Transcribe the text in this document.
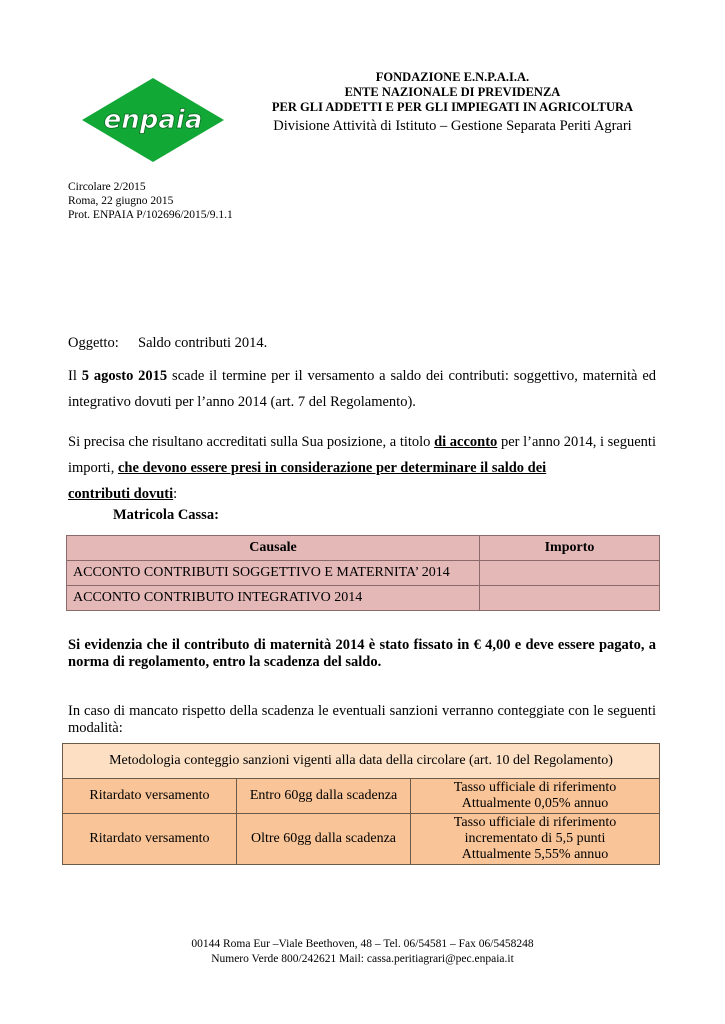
enpaia
FONDAZIONE E.N.P.A.I.A.
ENTE NAZIONALE DI PREVIDENZA
PER GLI ADDETTI E PER GLI IMPIEGATI IN AGRICOLTURA
Divisione Attività di Istituto – Gestione Separata Periti Agrari
Circolare 2/2015
Roma, 22 giugno 2015
Prot. ENPAIA P/102696/2015/9.1.1
Oggetto: Saldo contributi 2014.
Il 5 agosto 2015 scade il termine per il versamento a saldo dei contributi: soggettivo, maternità ed integrativo dovuti per l’anno 2014 (art. 7 del Regolamento).
Si precisa che risultano accreditati sulla Sua posizione, a titolo di acconto per l’anno 2014, i seguenti importi, che devono essere presi in considerazione per determinare il saldo dei
contributi dovuti:
Matricola Cassa:
Causale	Importo
ACCONTO CONTRIBUTI SOGGETTIVO E MATERNITA’ 2014	
ACCONTO CONTRIBUTO INTEGRATIVO 2014	
Si evidenzia che il contributo di maternità 2014 è stato fissato in € 4,00 e deve essere pagato, a norma di regolamento, entro la scadenza del saldo.
In caso di mancato rispetto della scadenza le eventuali sanzioni verranno conteggiate con le seguenti modalità:
Metodologia conteggio sanzioni vigenti alla data della circolare (art. 10 del Regolamento)		
Ritardato versamento	Entro 60gg dalla scadenza	Tasso ufficiale di riferimento
Attualmente 0,05% annuo

Ritardato versamento	Oltre 60gg dalla scadenza	Tasso ufficiale di riferimento
incrementato di 5,5 punti
Attualmente 5,55% annuo
00144 Roma Eur –Viale Beethoven, 48 – Tel. 06/54581 – Fax 06/5458248
Numero Verde 800/242621 Mail: cassa.peritiagrari@pec.enpaia.it
